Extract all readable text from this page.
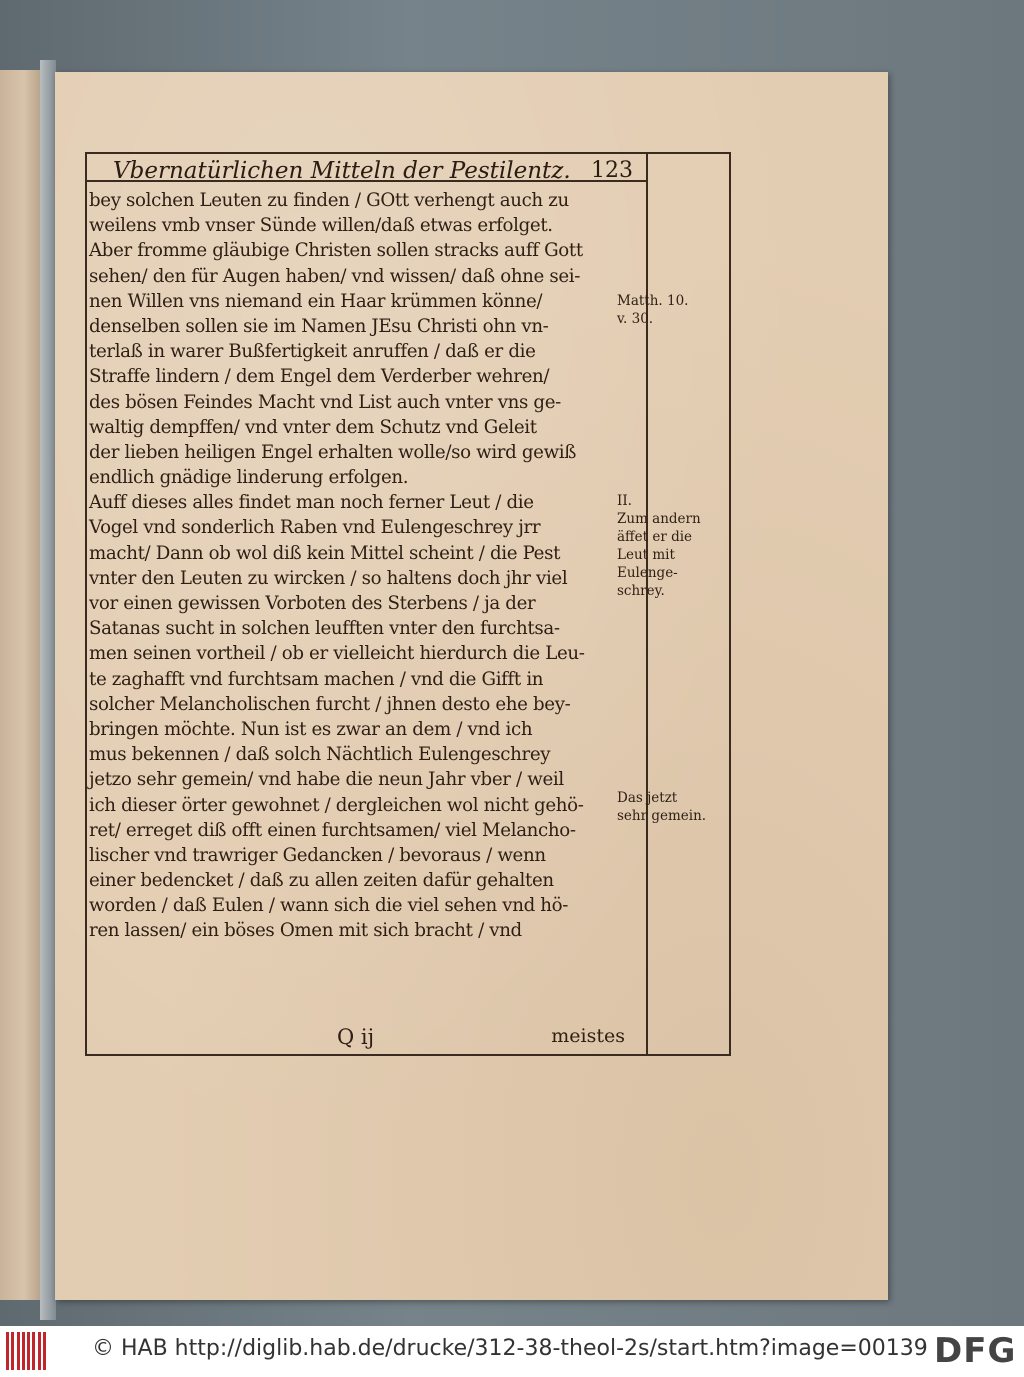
Vbernatürlichen Mitteln der Pestilentz. 123
bey solchen Leuten zu finden / GOtt verhengt auch zu
weilens vmb vnser Sünde willen/daß etwas erfolget.
Aber fromme gläubige Christen sollen stracks auff Gott
sehen/ den für Augen haben/ vnd wissen/ daß ohne sei-
nen Willen vns niemand ein Haar krümmen könne/
denselben sollen sie im Namen JEsu Christi ohn vn-
terlaß in warer Bußfertigkeit anruffen / daß er die
Straffe lindern / dem Engel dem Verderber wehren/
des bösen Feindes Macht vnd List auch vnter vns ge-
waltig dempffen/ vnd vnter dem Schutz vnd Geleit
der lieben heiligen Engel erhalten wolle/so wird gewiß
endlich gnädige linderung erfolgen.
Auff dieses alles findet man noch ferner Leut / die
Vogel vnd sonderlich Raben vnd Eulengeschrey jrr
macht/ Dann ob wol diß kein Mittel scheint / die Pest
vnter den Leuten zu wircken / so haltens doch jhr viel
vor einen gewissen Vorboten des Sterbens / ja der
Satanas sucht in solchen leufften vnter den furchtsa-
men seinen vortheil / ob er vielleicht hierdurch die Leu-
te zaghafft vnd furchtsam machen / vnd die Gifft in
solcher Melancholischen furcht / jhnen desto ehe bey-
bringen möchte. Nun ist es zwar an dem / vnd ich
mus bekennen / daß solch Nächtlich Eulengeschrey
jetzo sehr gemein/ vnd habe die neun Jahr vber / weil
ich dieser örter gewohnet / dergleichen wol nicht gehö-
ret/ erreget diß offt einen furchtsamen/ viel Melancho-
lischer vnd trawriger Gedancken / bevoraus / wenn
einer bedencket / daß zu allen zeiten dafür gehalten
worden / daß Eulen / wann sich die viel sehen vnd hö-
ren lassen/ ein böses Omen mit sich bracht / vnd
Q ij	meistes
Matth. 10.
v. 30.
II.
Zum andern
äffet er die
Leut mit
Eulenge-
schrey.
Das jetzt
sehr gemein.
© HAB http://diglib.hab.de/drucke/312-38-theol-2s/start.htm?image=00139 DFG
